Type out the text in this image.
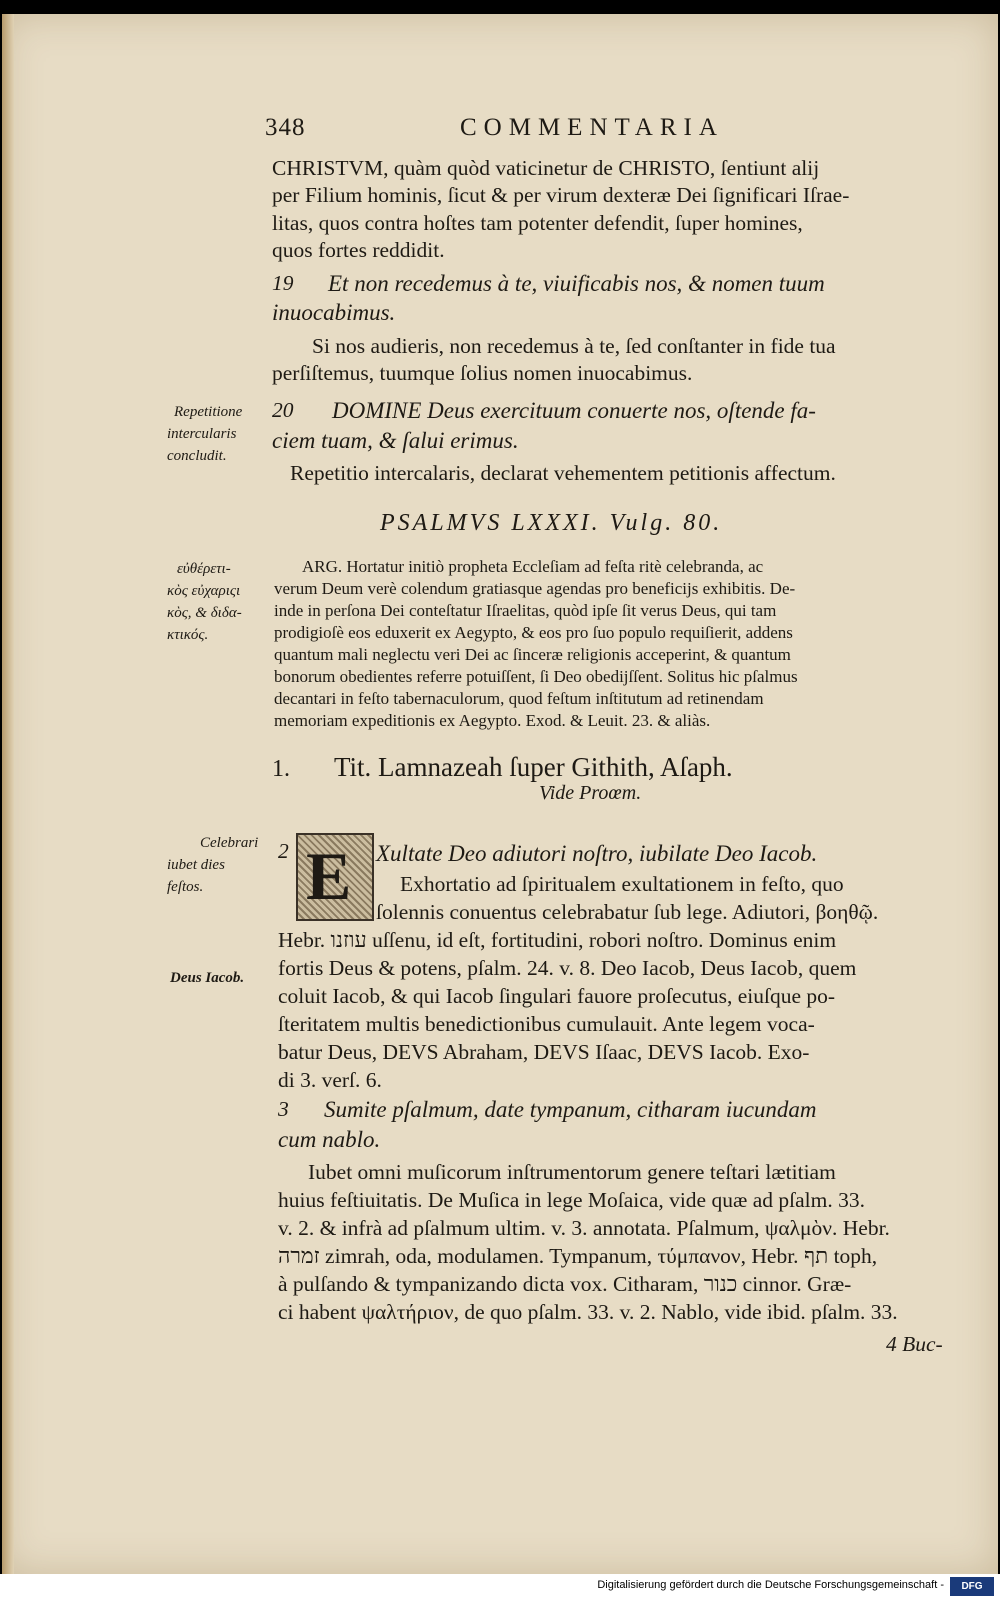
348	COMMENTARIA
CHRISTVM, quàm quòd vaticinetur de CHRISTO, ſentiunt alij
per Filium hominis, ſicut & per virum dexteræ Dei ſignificari Iſrae-
litas, quos contra hoſtes tam potenter defendit, ſuper homines,
quos fortes reddidit.
19 Et non recedemus à te, viuificabis nos, & nomen tuum
inuocabimus.
Si nos audieris, non recedemus à te, ſed conſtanter in fide tua
perſiſtemus, tuumque ſolius nomen inuocabimus.
20 DOMINE Deus exercituum conuerte nos, oſtende fa-
ciem tuam, & ſalui erimus.
Repetitio intercalaris, declarat vehementem petitionis affectum.
Repetitione
intercularis
concludit.
PSALMVS LXXXI. Vulg. 80.
ARG. Hortatur initiò propheta Eccleſiam ad feſta ritè celebranda, ac
verum Deum verè colendum gratiasque agendas pro beneficijs exhibitis. De-
inde in perſona Dei conteſtatur Iſraelitas, quòd ipſe ſit verus Deus, qui tam
prodigioſè eos eduxerit ex Aegypto, & eos pro ſuo populo requiſierit, addens
quantum mali neglectu veri Dei ac ſinceræ religionis acceperint, & quantum
bonorum obedientes referre potuiſſent, ſi Deo obedijſſent. Solitus hic pſalmus
decantari in feſto tabernaculorum, quod feſtum inſtitutum ad retinendam
memoriam expeditionis ex Aegypto. Exod. & Leuit. 23. & aliàs.
εὐθέρετι-
κὸς εὐχαριςι
κὸς, & διδα-
κτικός.
1. Tit. Lamnazeah ſuper Githith, Aſaph.
Vide Proœm.
2 E Xultate Deo adiutori noſtro, iubilate Deo Iacob.
Exhortatio ad ſpiritualem exultationem in feſto, quo
ſolennis conuentus celebrabatur ſub lege. Adiutori, βοηθῷ.
Hebr. עוזנו uſſenu, id eſt, fortitudini, robori noſtro. Dominus enim
fortis Deus & potens, pſalm. 24. v. 8. Deo Iacob, Deus Iacob, quem
coluit Iacob, & qui Iacob ſingulari fauore proſecutus, eiuſque po-
ſteritatem multis benedictionibus cumulauit. Ante legem voca-
batur Deus, DEVS Abraham, DEVS Iſaac, DEVS Iacob. Exo-
di 3. verſ. 6.
Celebrari
iubet dies
feſtos.
Deus Iacob.
3 Sumite pſalmum, date tympanum, citharam iucundam
cum nablo.
Iubet omni muſicorum inſtrumentorum genere teſtari lætitiam
huius feſtiuitatis. De Muſica in lege Moſaica, vide quæ ad pſalm. 33.
v. 2. & infrà ad pſalmum ultim. v. 3. annotata. Pſalmum, ψαλμὸν. Hebr.
זמרה zimrah, oda, modulamen. Tympanum, τύμπανον, Hebr. תף toph,
à pulſando & tympanizando dicta vox. Citharam, כנור cinnor. Græ-
ci habent ψαλτήριον, de quo pſalm. 33. v. 2. Nablo, vide ibid. pſalm. 33.
4 Buc-
Digitalisierung gefördert durch die Deutsche Forschungsgemeinschaft -	DFG
